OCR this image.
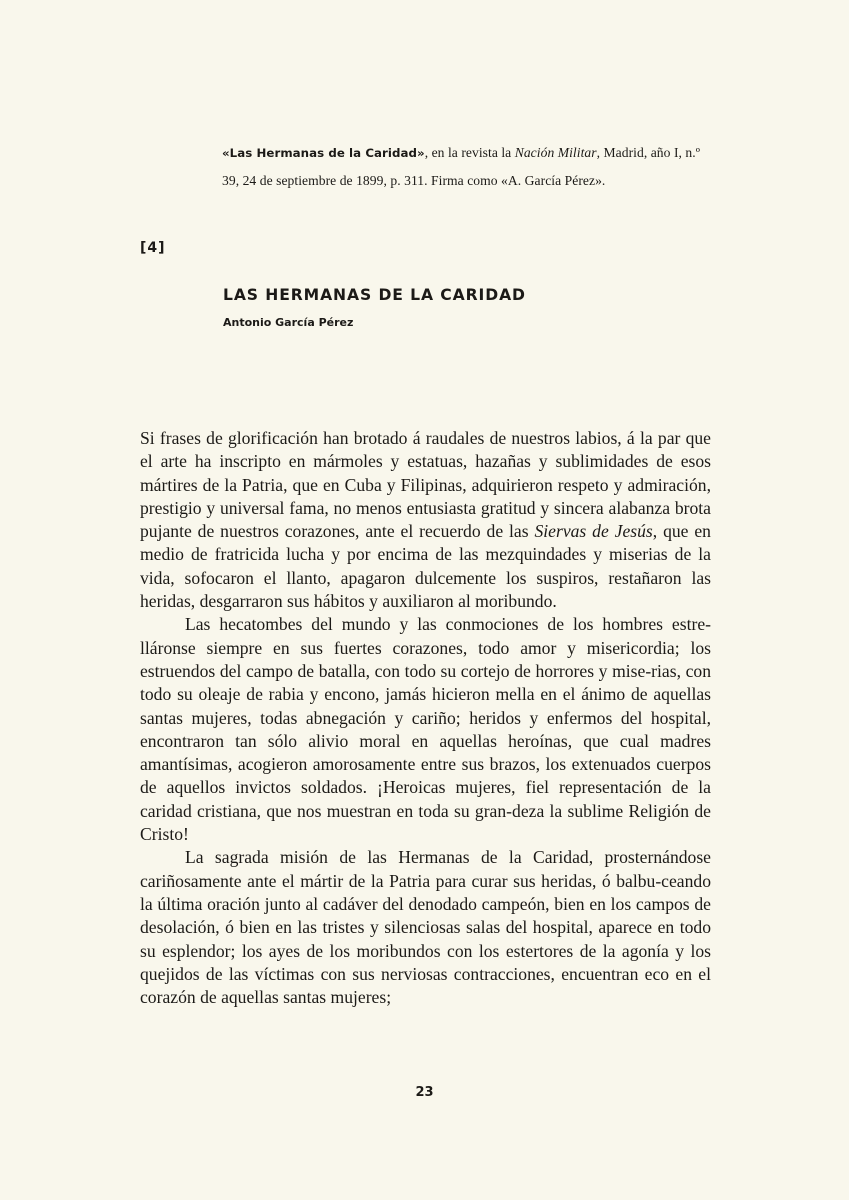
«Las Hermanas de la Caridad», en la revista la Nación Militar, Madrid, año I, n.º 39, 24 de septiembre de 1899, p. 311. Firma como «A. García Pérez».
[4]
LAS HERMANAS DE LA CARIDAD

Antonio García Pérez

Si frases de glorificación han brotado á raudales de nuestros labios, á la par que el arte ha inscripto en mármoles y estatuas, hazañas y sublimidades de esos mártires de la Patria, que en Cuba y Filipinas, adquirieron respeto y admiración, prestigio y universal fama, no menos entusiasta gratitud y sincera alabanza brota pujante de nuestros corazones, ante el recuerdo de las Siervas de Jesús, que en medio de fratricida lucha y por encima de las mezquindades y miserias de la vida, sofocaron el llanto, apagaron dulcemente los suspiros, restañaron las heridas, desgarraron sus hábitos y auxiliaron al moribundo.

Las hecatombes del mundo y las conmociones de los hombres estre-lláronse siempre en sus fuertes corazones, todo amor y misericordia; los estruendos del campo de batalla, con todo su cortejo de horrores y mise-rias, con todo su oleaje de rabia y encono, jamás hicieron mella en el ánimo de aquellas santas mujeres, todas abnegación y cariño; heridos y enfermos del hospital, encontraron tan sólo alivio moral en aquellas heroínas, que cual madres amantísimas, acogieron amorosamente entre sus brazos, los extenuados cuerpos de aquellos invictos soldados. ¡Heroicas mujeres, fiel representación de la caridad cristiana, que nos muestran en toda su gran-deza la sublime Religión de Cristo!

La sagrada misión de las Hermanas de la Caridad, prosternándose cariñosamente ante el mártir de la Patria para curar sus heridas, ó balbu-ceando la última oración junto al cadáver del denodado campeón, bien en los campos de desolación, ó bien en las tristes y silenciosas salas del hospital, aparece en todo su esplendor; los ayes de los moribundos con los estertores de la agonía y los quejidos de las víctimas con sus nerviosas contracciones, encuentran eco en el corazón de aquellas santas mujeres;

23
